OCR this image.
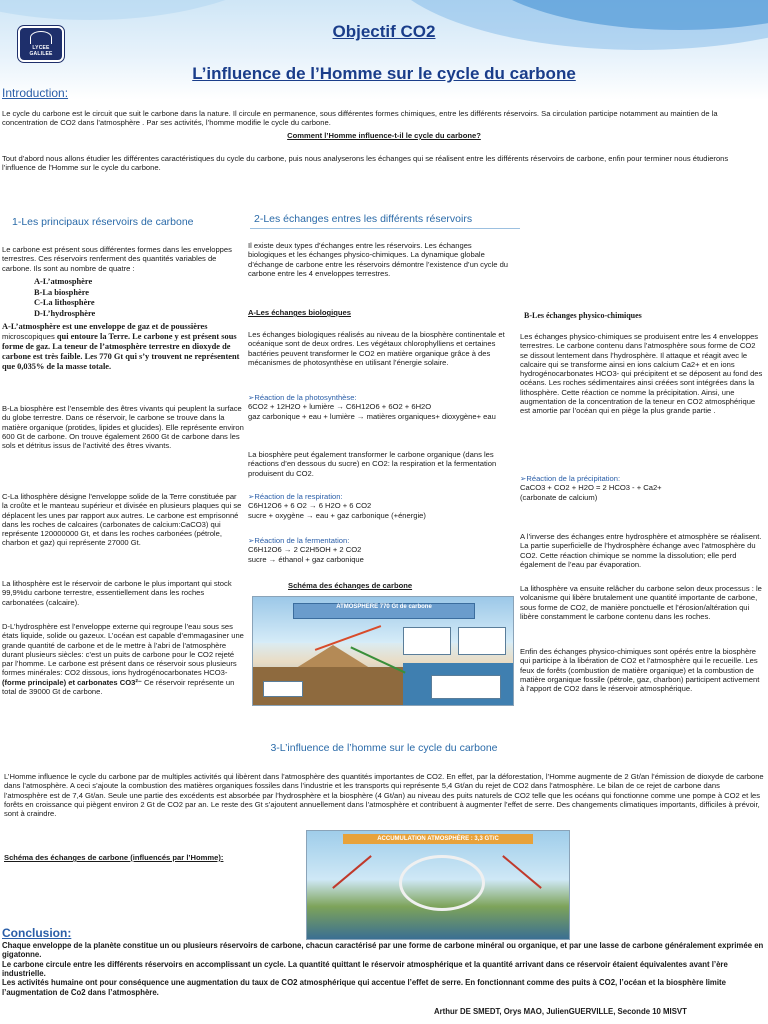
LYCEE
GALILEE
Objectif CO2
L’influence de l’Homme sur le cycle du carbone
Introduction:
Le cycle du carbone est le circuit que suit le carbone dans la nature. Il circule en permanence, sous différentes formes chimiques, entre les différents réservoirs. Sa circulation participe notamment au maintien de la concentration de CO2 dans l’atmosphère . Par ses activités, l’homme modifie le cycle du carbone.
Comment l’Homme influence-t-il le cycle du carbone?
Tout d’abord nous allons étudier les différentes caractéristiques du cycle du carbone, puis nous analyserons les échanges qui se réalisent entre les différents réservoirs de carbone, enfin pour terminer nous étudierons l’influence de l’Homme sur le cycle du carbone.
1-Les principaux réservoirs de carbone	2-Les échanges entres les différents réservoirs
Le carbone est présent sous différentes formes dans les enveloppes terrestres. Ces réservoirs renferment des quantités variables de carbone. Ils sont au nombre de quatre :
A-L’atmosphère
B-La biosphère
C-La lithosphère
D-L’hydrosphère
A-L’atmosphère est une enveloppe de gaz et de poussières microscopiques qui entoure la Terre. Le carbone y est présent sous forme de gaz. La teneur de l’atmosphère terrestre en dioxyde de carbone est très faible. Les 770 Gt qui s’y trouvent ne représentent que 0,035% de la masse totale.
B-La biosphère est l’ensemble des êtres vivants qui peuplent la surface du globe terrestre. Dans ce réservoir, le carbone se trouve dans la matière organique (protides, lipides et glucides). Elle représente environ 600 Gt de carbone. On trouve également 2600 Gt de carbone dans les sols et détritus issus de l’activité des êtres vivants.
C-La lithosphère désigne l’enveloppe solide de la Terre constituée par la croûte et le manteau supérieur et divisée en plusieurs plaques qui se déplacent les unes par rapport aux autres. Le carbone est emprisonné dans les roches de calcaires (carbonates de calcium:CaCO3) qui représente 120000000 Gt, et dans les roches carbonées (pétrole, charbon et gaz) qui représente 27000 Gt.
La lithosphère est le réservoir de carbone le plus important qui stock 99,9%du carbone terrestre, essentiellement dans les roches carbonatées (calcaire).
D-L’hydrosphère est l’enveloppe externe qui regroupe l’eau sous ses états liquide, solide ou gazeux. L’océan est capable d’emmagasiner une grande quantité de carbone et de le mettre à l’abri de l’atmosphère durant plusieurs siècles: c’est un puits de carbone pour le CO2 rejeté par l’homme. Le carbone est présent dans ce réservoir sous plusieurs formes minérales: CO2 dissous, ions hydrogénocarbonates HCO3- (forme principale) et carbonates CO3²⁻ Ce réservoir représente un total de 39000 Gt de carbone.
Il existe deux types d’échanges entre les réservoirs. Les échanges biologiques et les échanges physico-chimiques. La dynamique globale d’échange de carbone entre les réservoirs démontre l’existence d’un cycle du carbone entre les 4 enveloppes terrestres.
A-Les échanges biologiques
Les échanges biologiques réalisés au niveau de la biosphère continentale et océanique sont de deux ordres. Les végétaux chlorophylliens et certaines bactéries peuvent transformer le CO2 en matière organique grâce à des mécanismes de photosynthèse en utilisant l’énergie solaire.
➢Réaction de la photosynthèse:
6CO2 + 12H2O + lumière → C6H12O6 + 6O2 + 6H2O
gaz carbonique + eau + lumière → matières organiques+ dioxygène+ eau
La biosphère peut également transformer le carbone organique (dans les réactions d’en dessous du sucre) en CO2: la respiration et la fermentation produisent du CO2.
➢Réaction de la respiration:
C6H12O6 + 6 O2 → 6 H2O + 6 CO2
sucre + oxygène → eau + gaz carbonique (+énergie)
➢Réaction de la fermentation:
C6H12O6 → 2 C2H5OH + 2 CO2
sucre → éthanol + gaz carbonique
Schéma des échanges de carbone
ATMOSPHERE 770 Gt de carbone
B-Les échanges physico-chimiques
Les échanges physico-chimiques se produisent entre les 4 enveloppes terrestres. Le carbone contenu dans l’atmosphère sous forme de CO2 se dissout lentement dans l’hydrosphère. Il attaque et réagit avec le calcaire qui se transforme ainsi en ions calcium Ca2+ et en ions hydrogénocarbonates HCO3- qui précipitent et se déposent au fond des océans. Les roches sédimentaires ainsi créées sont intégrées dans la lithosphère. Cette réaction ce nomme la précipitation. Ainsi, une augmentation de la concentration de la teneur en CO2 atmosphérique est amortie par l’océan qui en piège la plus grande partie .
➢Réaction de la précipitation:
CaCO3 + CO2 + H2O = 2 HCO3 - + Ca2+
(carbonate de calcium)
A l’inverse des échanges entre hydrosphère et atmosphère se réalisent. La partie superficielle de l’hydrosphère échange avec l’atmosphère du CO2. Cette réaction chimique se nomme la dissolution; elle perd également de l’eau par évaporation.
La lithosphère va ensuite relâcher du carbone selon deux processus : le volcanisme qui libère brutalement une quantité importante de carbone, sous forme de CO2, de manière ponctuelle et l’érosion/altération qui libère constamment le carbone contenu dans les roches.
Enfin des échanges physico-chimiques sont opérés entre la biosphère qui participe à la libération de CO2 et l’atmosphère qui le recueille. Les feux de forêts (combustion de matière organique) et la combustion de matière organique fossile (pétrole, gaz, charbon) participent activement à l’apport de CO2 dans le réservoir atmosphérique.
3-L’influence de l’homme sur le cycle du carbone
L’Homme influence le cycle du carbone par de multiples activités qui libèrent dans l’atmosphère des quantités importantes de CO2. En effet, par la déforestation, l’Homme augmente de 2 Gt/an l’émission de dioxyde de carbone dans l’atmosphère. A ceci s’ajoute la combustion des matières organiques fossiles dans l’industrie et les transports qui représente 5,4 Gt/an du rejet de CO2 dans l’atmosphère. Le bilan de ce rejet de carbone dans l’atmosphère est de 7,4 Gt/an. Seule une partie des excédents est absorbée par l’hydrosphère et la biosphère (4 Gt/an) au niveau des puits naturels de CO2 telle que les océans qui fonctionne comme une pompe à CO2 et les forêts en croissance qui piègent environ 2 Gt de CO2 par an. Le reste des Gt s’ajoutent annuellement dans l’atmosphère et contribuent à augmenter l’effet de serre. Des changements climatiques importants, difficiles à prévoir, sont à craindre.
Schéma des échanges de carbone (influencés par l’Homme):
ACCUMULATION ATMOSPHÈRE : 3,3 GT/C
Conclusion:
Chaque enveloppe de la planète constitue un ou plusieurs réservoirs de carbone, chacun caractérisé par une forme de carbone minéral ou organique, et par une lasse de carbone généralement exprimée en gigatonne.
Le carbone circule entre les différents réservoirs en accomplissant un cycle. La quantité quittant le réservoir atmosphérique et la quantité arrivant dans ce réservoir étaient équivalentes avant l’ère industrielle.
Les activités humaine ont pour conséquence une augmentation du taux de CO2 atmosphérique qui accentue l’effet de serre. En fonctionnant comme des puits à CO2, l’océan et la biosphère limite l’augmentation de Co2 dans l’atmosphère.
Arthur DE SMEDT, Orys MAO, JulienGUERVILLE, Seconde 10 MISVT
